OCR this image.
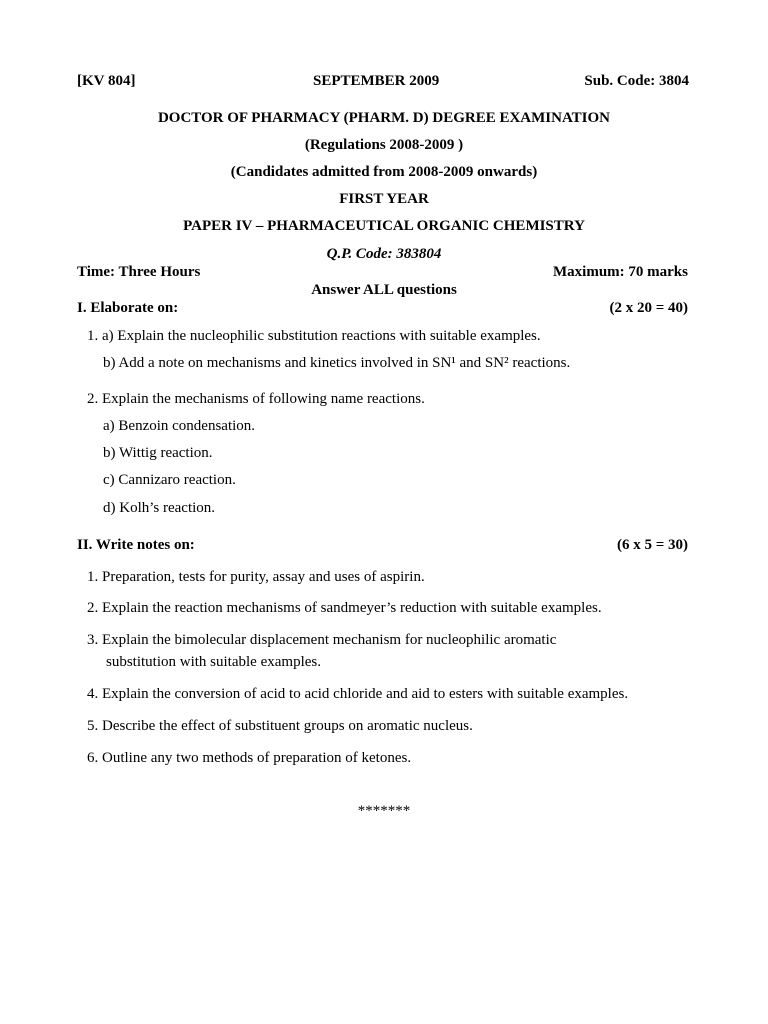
[KV 804]	SEPTEMBER 2009	Sub. Code: 3804
DOCTOR OF PHARMACY (PHARM. D) DEGREE EXAMINATION
(Regulations 2008-2009 )
(Candidates admitted from 2008-2009 onwards)
FIRST YEAR
PAPER IV – PHARMACEUTICAL ORGANIC CHEMISTRY
Q.P. Code: 383804
Time: Three Hours	Maximum: 70 marks
Answer ALL questions
I. Elaborate on:	(2 x 20 = 40)
1. a) Explain the nucleophilic substitution reactions with suitable examples.
b) Add a note on mechanisms and kinetics involved in SN¹ and SN² reactions.
2. Explain the mechanisms of following name reactions.
a) Benzoin condensation.
b) Wittig reaction.
c) Cannizaro reaction.
d) Kolh’s reaction.
II. Write notes on:	(6 x 5 = 30)
1. Preparation, tests for purity, assay and uses of aspirin.
2. Explain the reaction mechanisms of sandmeyer’s reduction with suitable examples.
3. Explain the bimolecular displacement mechanism for nucleophilic aromatic
substitution with suitable examples.
4. Explain the conversion of acid to acid chloride and aid to esters with suitable examples.
5. Describe the effect of substituent groups on aromatic nucleus.
6. Outline any two methods of preparation of ketones.
*******
